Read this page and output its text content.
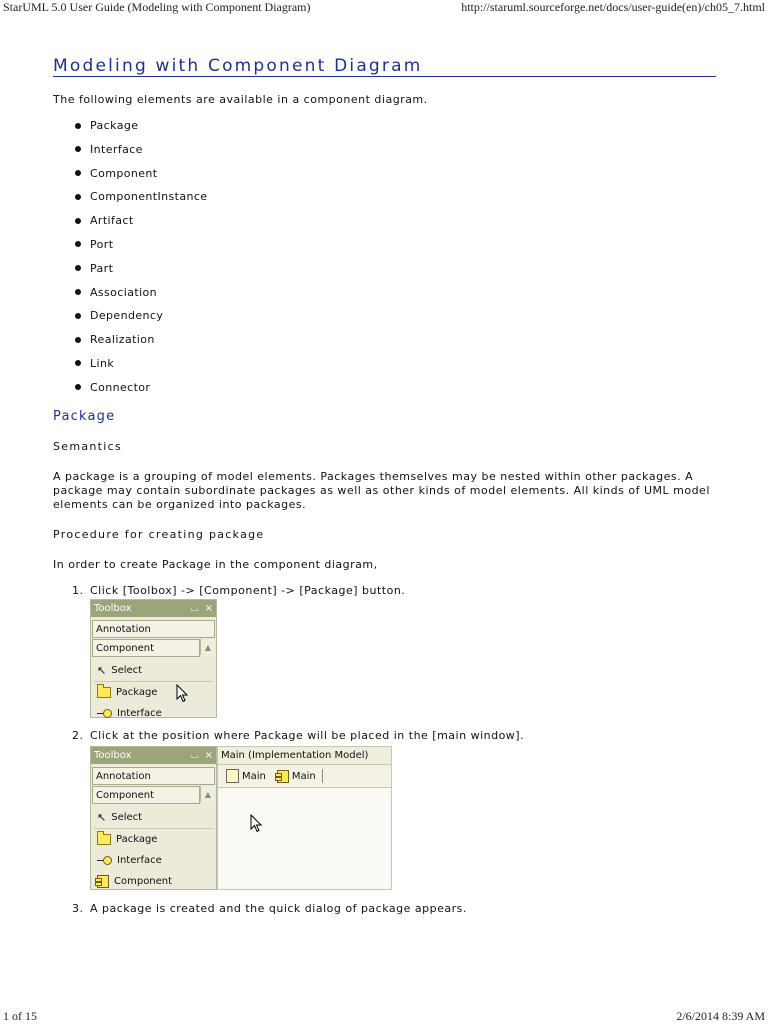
StarUML 5.0 User Guide (Modeling with Component Diagram)	http://staruml.sourceforge.net/docs/user-guide(en)/ch05_7.html
Modeling with Component Diagram
The following elements are available in a component diagram.
Package
Interface
Component
ComponentInstance
Artifact
Port
Part
Association
Dependency
Realization
Link
Connector
Package
Semantics
A package is a grouping of model elements. Packages themselves may be nested within other packages. A package may contain subordinate packages as well as other kinds of model elements. All kinds of UML model elements can be organized into packages.
Procedure for creating package
In order to create Package in the component diagram,
1. Click [Toolbox] -> [Component] -> [Package] button.
Toolbox	⌴ ×
Annotation
Component	▲
↖ Select
Package
Interface
2. Click at the position where Package will be placed in the [main window].
Toolbox	⌴ ×
Annotation
Component	▲
↖ Select
Package
Interface
Component
Main (Implementation Model)
Main	Main
3. A package is created and the quick dialog of package appears.
1 of 15	2/6/2014 8:39 AM
